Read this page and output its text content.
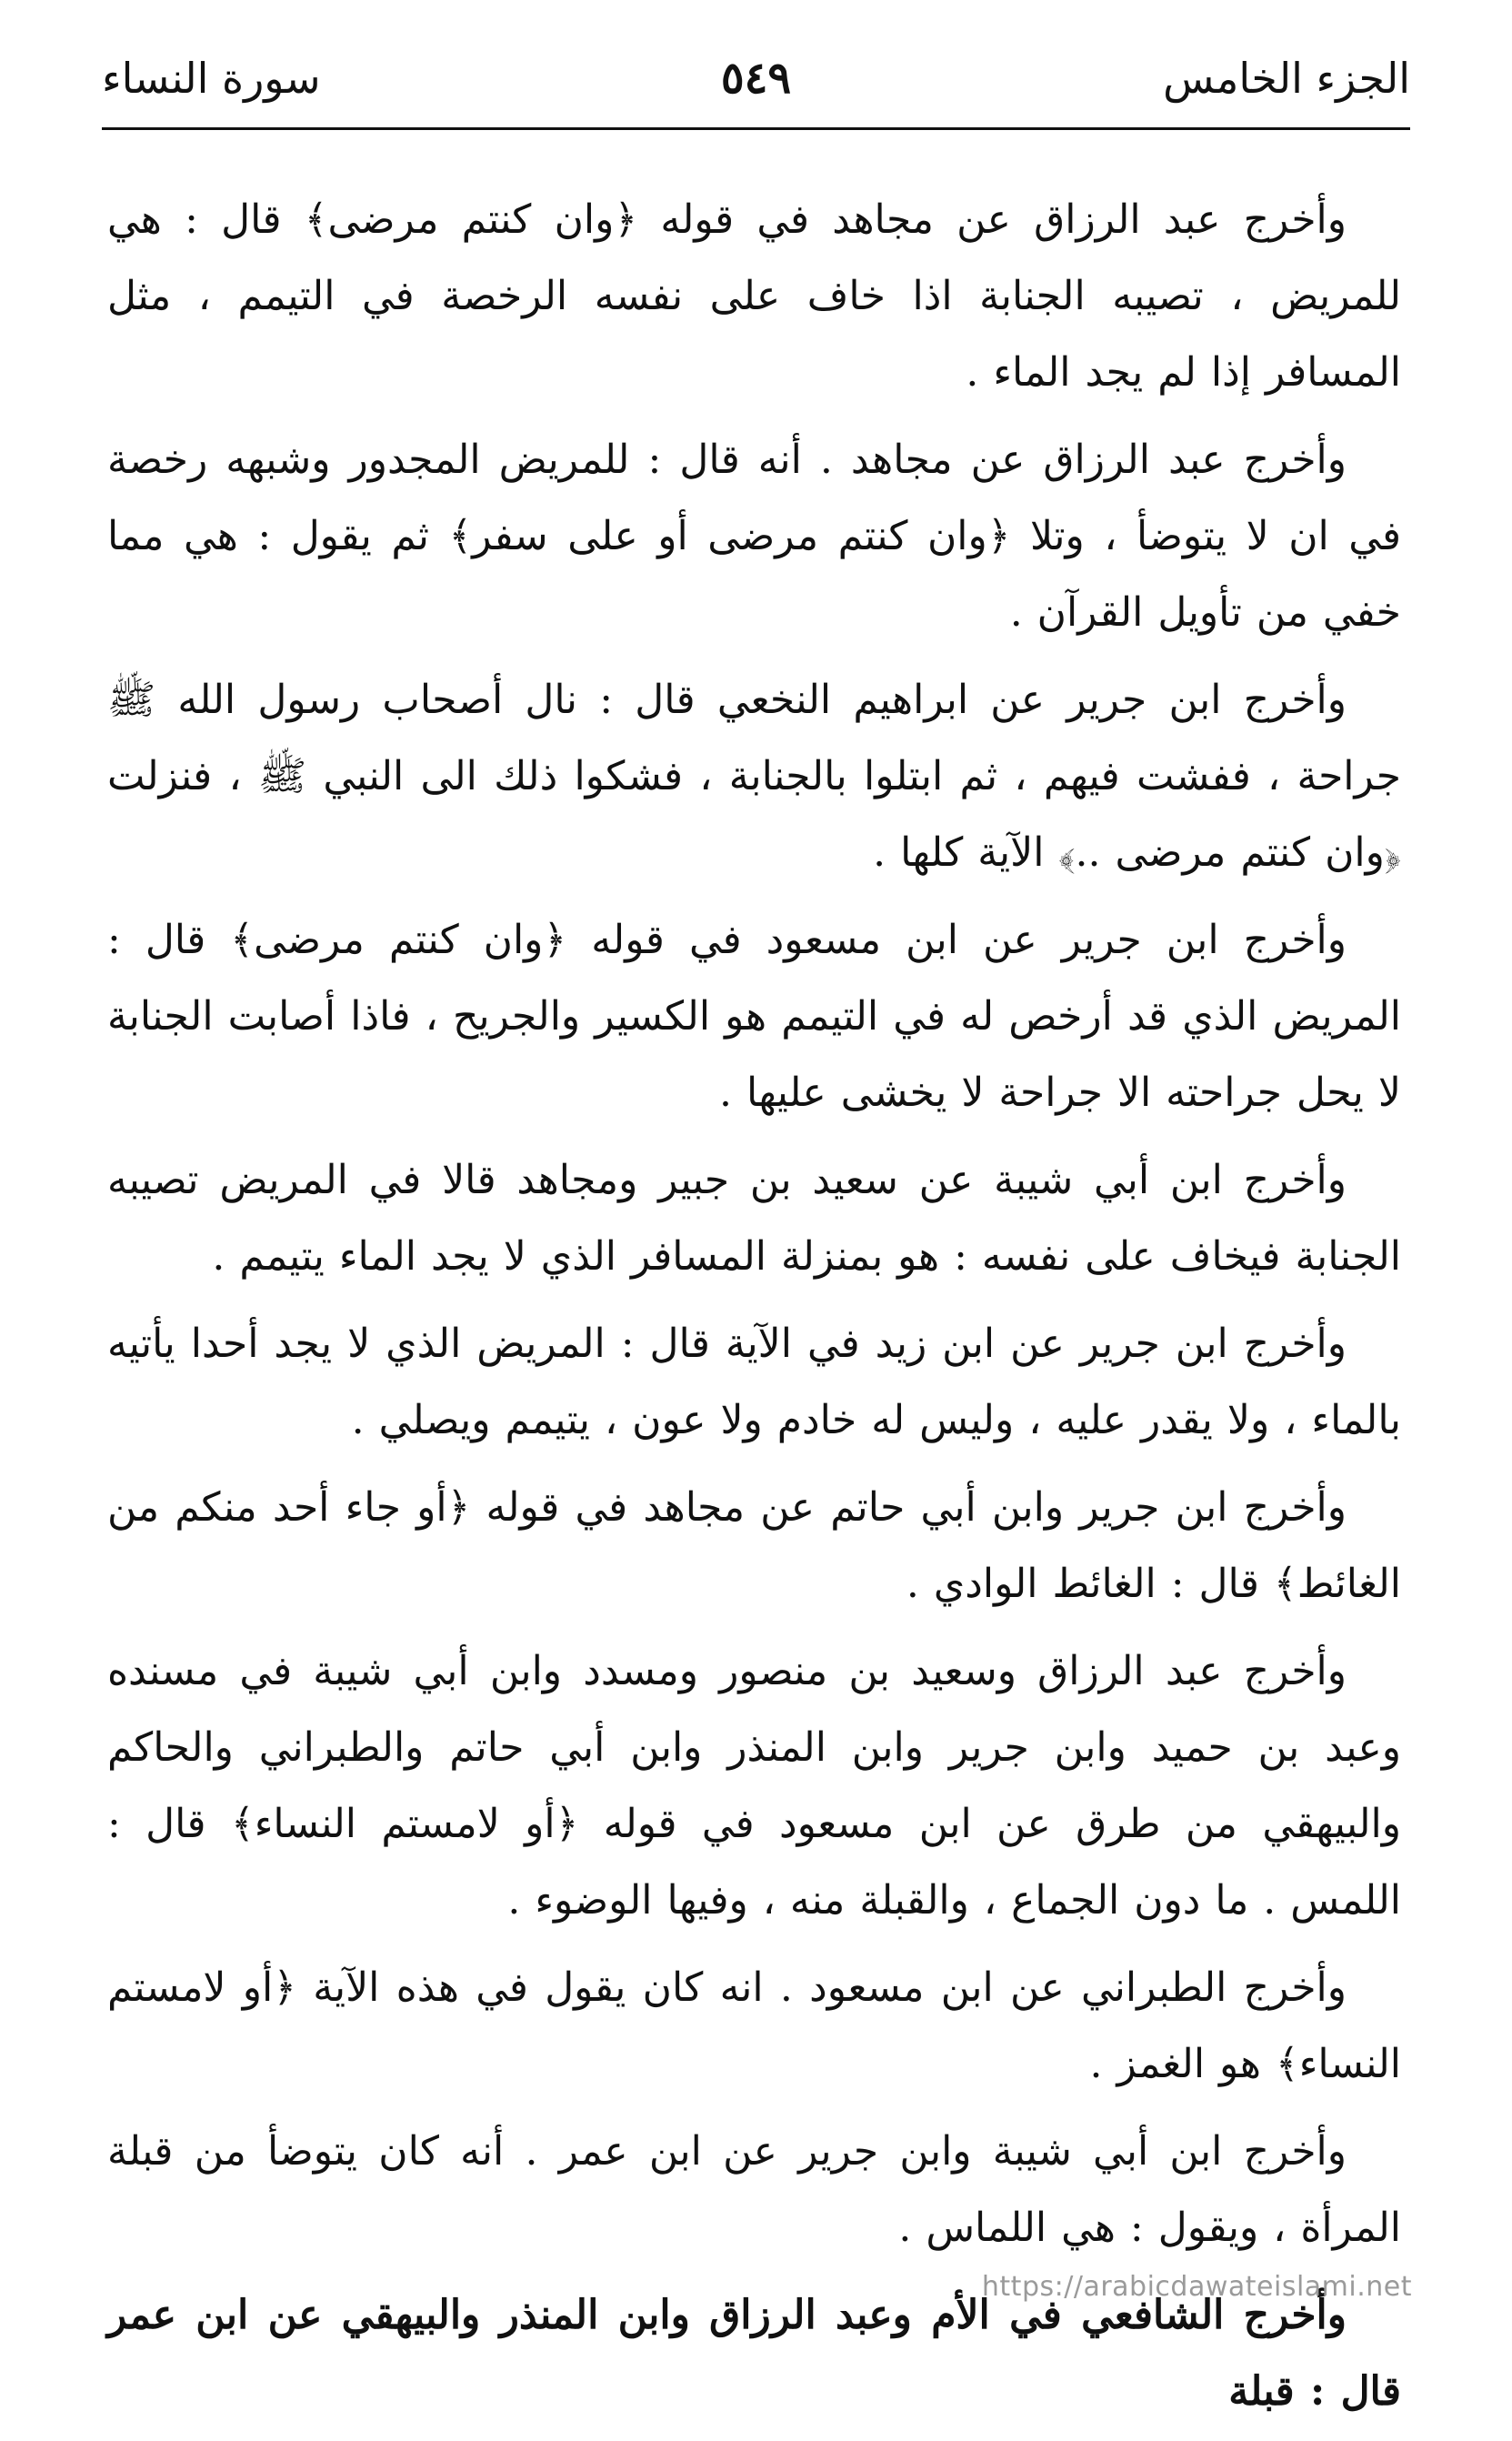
الجزء الخامس
٥٤٩
سورة النساء

وأخرج عبد الرزاق عن مجاهد في قوله ﴿وان كنتم مرضى﴾ قال : هي للمريض ، تصيبه الجنابة اذا خاف على نفسه الرخصة في التيمم ، مثل المسافر إذا لم يجد الماء .

وأخرج عبد الرزاق عن مجاهد . أنه قال : للمريض المجدور وشبهه رخصة في ان لا يتوضأ ، وتلا ﴿وان كنتم مرضى أو على سفر﴾ ثم يقول : هي مما خفي من تأويل القرآن .

وأخرج ابن جرير عن ابراهيم النخعي قال : نال أصحاب رسول الله ﷺ جراحة ، ففشت فيهم ، ثم ابتلوا بالجنابة ، فشكوا ذلك الى النبي ﷺ ، فنزلت ﴿وان كنتم مرضى ..﴾ الآية كلها .

وأخرج ابن جرير عن ابن مسعود في قوله ﴿وان كنتم مرضى﴾ قال : المريض الذي قد أرخص له في التيمم هو الكسير والجريح ، فاذا أصابت الجنابة لا يحل جراحته الا جراحة لا يخشى عليها .

وأخرج ابن أبي شيبة عن سعيد بن جبير ومجاهد قالا في المريض تصيبه الجنابة فيخاف على نفسه : هو بمنزلة المسافر الذي لا يجد الماء يتيمم .

وأخرج ابن جرير عن ابن زيد في الآية قال : المريض الذي لا يجد أحدا يأتيه بالماء ، ولا يقدر عليه ، وليس له خادم ولا عون ، يتيمم ويصلي .

وأخرج ابن جرير وابن أبي حاتم عن مجاهد في قوله ﴿أو جاء أحد منكم من الغائط﴾ قال : الغائط الوادي .

وأخرج عبد الرزاق وسعيد بن منصور ومسدد وابن أبي شيبة في مسنده وعبد بن حميد وابن جرير وابن المنذر وابن أبي حاتم والطبراني والحاكم والبيهقي من طرق عن ابن مسعود في قوله ﴿أو لامستم النساء﴾ قال : اللمس . ما دون الجماع ، والقبلة منه ، وفيها الوضوء .

وأخرج الطبراني عن ابن مسعود . انه كان يقول في هذه الآية ﴿أو لامستم النساء﴾ هو الغمز .

وأخرج ابن أبي شيبة وابن جرير عن ابن عمر . أنه كان يتوضأ من قبلة المرأة ، ويقول : هي اللماس .

وأخرج الشافعي في الأم وعبد الرزاق وابن المنذر والبيهقي عن ابن عمر قال : قبلة

https://arabicdawateislami.net
